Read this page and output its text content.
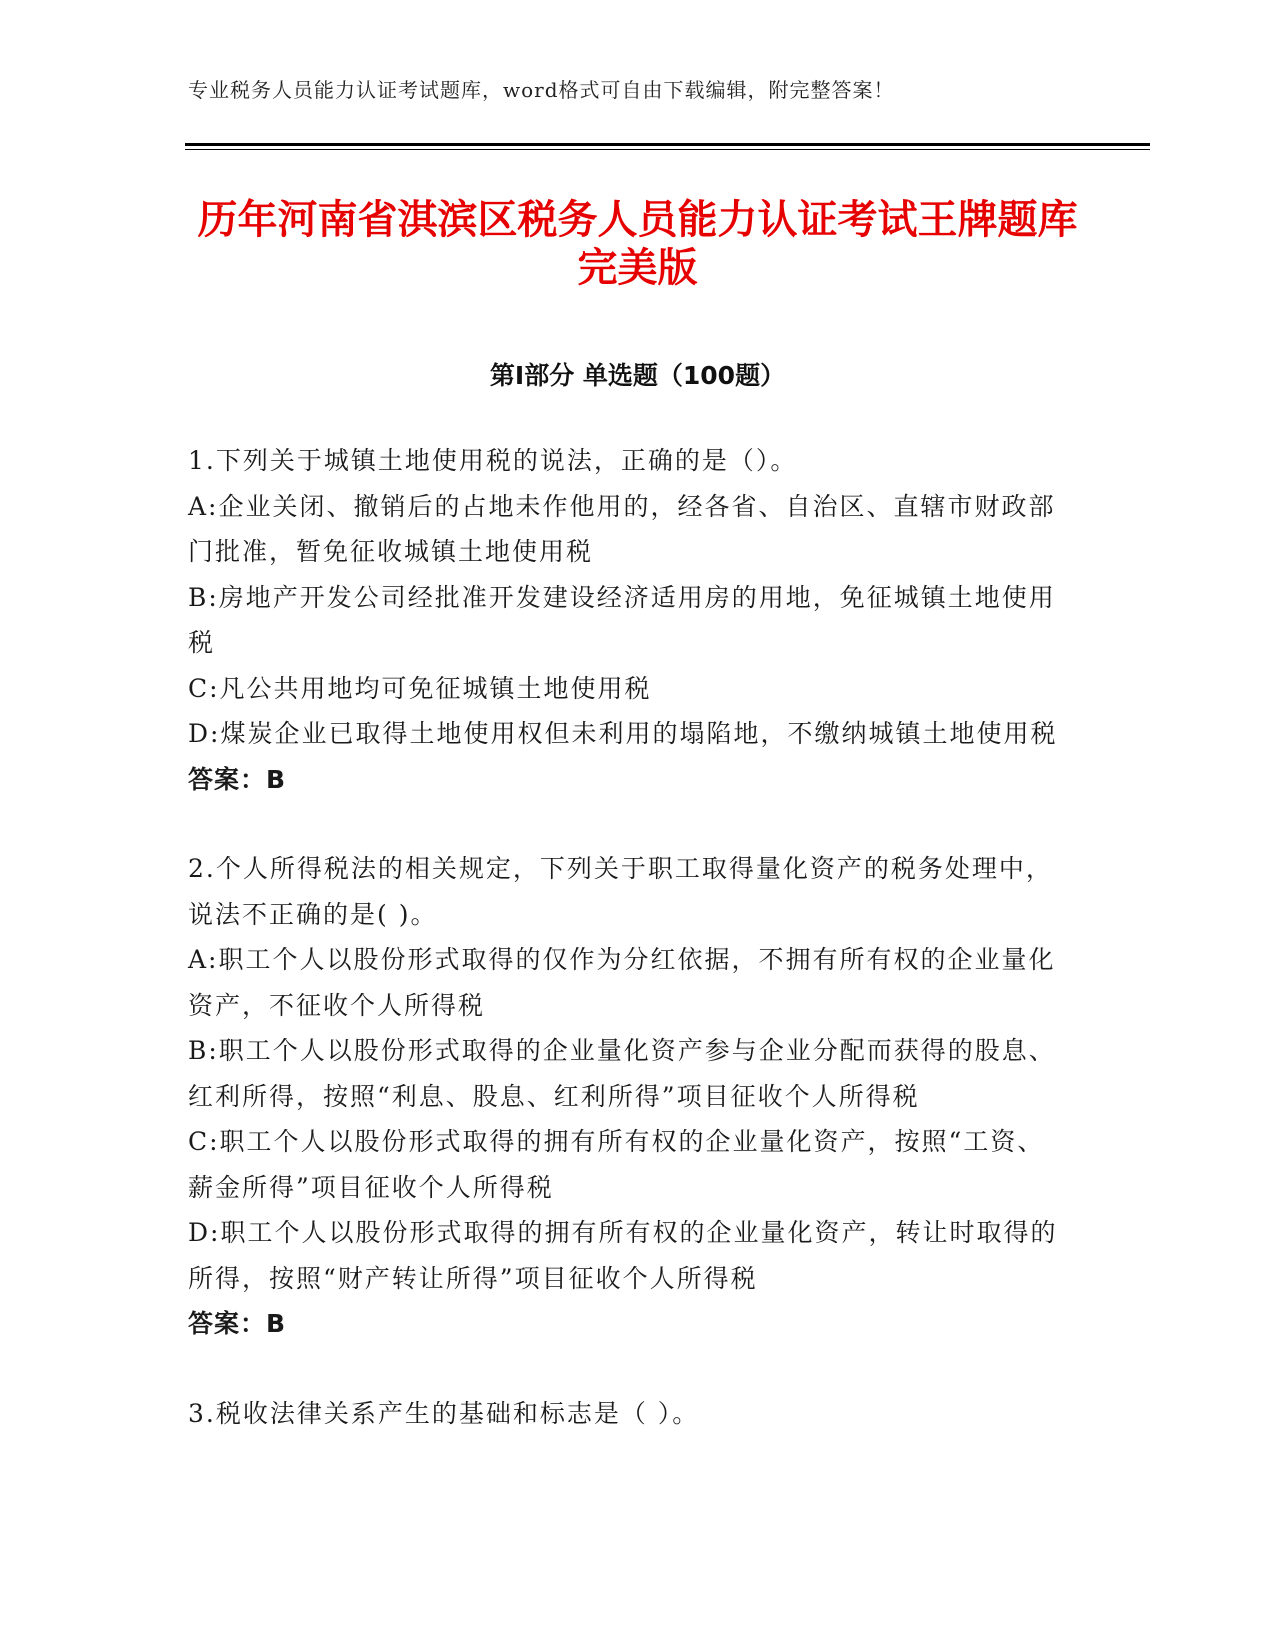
专业税务人员能力认证考试题库，word格式可自由下载编辑，附完整答案！
历年河南省淇滨区税务人员能力认证考试王牌题库完美版
第Ⅰ部分 单选题（100题）

1.下列关于城镇土地使用税的说法，正确的是（）。

A:企业关闭、撤销后的占地未作他用的，经各省、自治区、直辖市财政部门批准，暂免征收城镇土地使用税

B:房地产开发公司经批准开发建设经济适用房的用地，免征城镇土地使用税

C:凡公共用地均可免征城镇土地使用税

D:煤炭企业已取得土地使用权但未利用的塌陷地，不缴纳城镇土地使用税

答案：B

2.个人所得税法的相关规定，下列关于职工取得量化资产的税务处理中，说法不正确的是( )。

A:职工个人以股份形式取得的仅作为分红依据，不拥有所有权的企业量化资产，不征收个人所得税

B:职工个人以股份形式取得的企业量化资产参与企业分配而获得的股息、红利所得，按照“利息、股息、红利所得”项目征收个人所得税

C:职工个人以股份形式取得的拥有所有权的企业量化资产，按照“工资、薪金所得”项目征收个人所得税

D:职工个人以股份形式取得的拥有所有权的企业量化资产，转让时取得的所得，按照“财产转让所得”项目征收个人所得税

答案：B

3.税收法律关系产生的基础和标志是（ ）。
